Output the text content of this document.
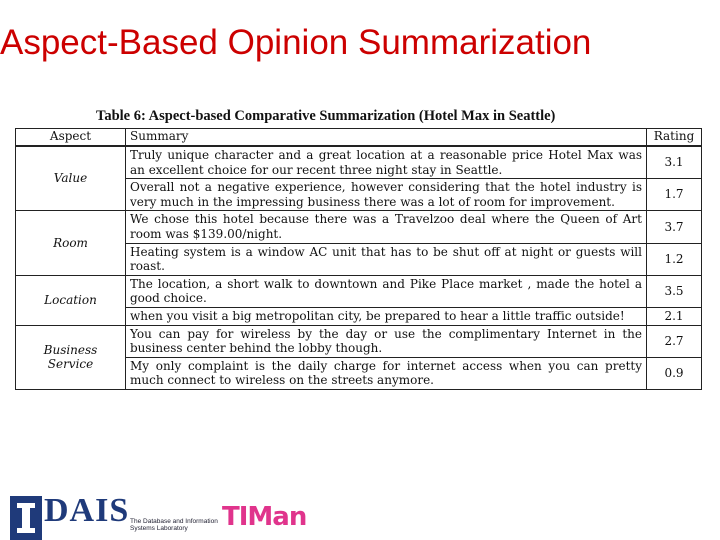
Aspect-Based Opinion Summarization
Table 6: Aspect-based Comparative Summarization (Hotel Max in Seattle)
Aspect	Summary	Rating
Value	Truly unique character and a great location at a reasonable price Hotel Max was an excellent choice for our recent three night stay in Seattle.	3.1
	Overall not a negative experience, however considering that the hotel industry is very much in the impressing business there was a lot of room for improvement.	1.7
Room	We chose this hotel because there was a Travelzoo deal where the Queen of Art room was $139.00/night.	3.7
	Heating system is a window AC unit that has to be shut off at night or guests will roast.	1.2
Location	The location, a short walk to downtown and Pike Place market , made the hotel a good choice.	3.5
	when you visit a big metropolitan city, be prepared to hear a little traffic outside!	2.1
Business Service	You can pay for wireless by the day or use the complimentary Internet in the business center behind the lobby though.	2.7
	My only complaint is the daily charge for internet access when you can pretty much connect to wireless on the streets anymore.	0.9
DAIS The Database and Information Systems Laboratory	TIMan
